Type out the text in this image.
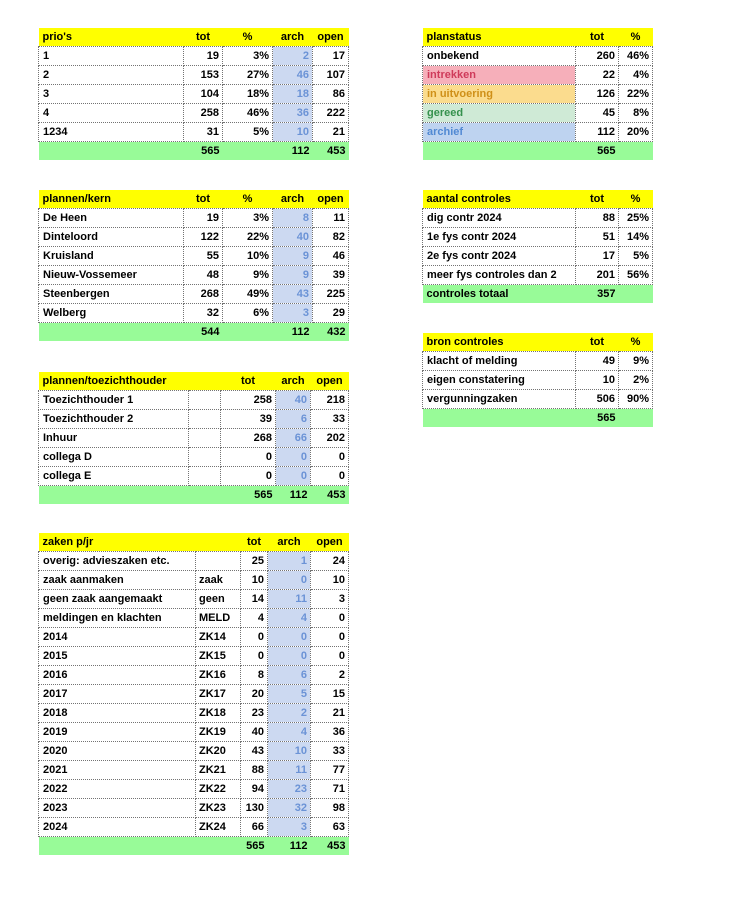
prio's	tot	%	arch	open
1	19	3%	2	17
2	153	27%	46	107
3	104	18%	18	86
4	258	46%	36	222
1234	31	5%	10	21
	565		112	453
planstatus	tot	%
onbekend	260	46%
intrekken	22	4%
in uitvoering	126	22%
gereed	45	8%
archief	112	20%
	565	
plannen/kern	tot	%	arch	open
De Heen	19	3%	8	11
Dinteloord	122	22%	40	82
Kruisland	55	10%	9	46
Nieuw-Vossemeer	48	9%	9	39
Steenbergen	268	49%	43	225
Welberg	32	6%	3	29
	544		112	432
aantal controles	tot	%
dig contr 2024	88	25%
1e fys contr 2024	51	14%
2e fys contr 2024	17	5%
meer fys controles dan 2	201	56%
controles totaal	357	
bron controles	tot	%
klacht of melding	49	9%
eigen constatering	10	2%
vergunningzaken	506	90%
	565	
plannen/toezichthouder		tot	arch	open
Toezichthouder 1		258	40	218
Toezichthouder 2		39	6	33
Inhuur		268	66	202
collega D		0	0	0
collega E		0	0	0
		565	112	453
zaken p/jr		tot	arch	open
overig: advieszaken etc.		25	1	24
zaak aanmaken	zaak	10	0	10
geen zaak aangemaakt	geen	14	11	3
meldingen en klachten	MELD	4	4	0
2014	ZK14	0	0	0
2015	ZK15	0	0	0
2016	ZK16	8	6	2
2017	ZK17	20	5	15
2018	ZK18	23	2	21
2019	ZK19	40	4	36
2020	ZK20	43	10	33
2021	ZK21	88	11	77
2022	ZK22	94	23	71
2023	ZK23	130	32	98
2024	ZK24	66	3	63
		565	112	453
